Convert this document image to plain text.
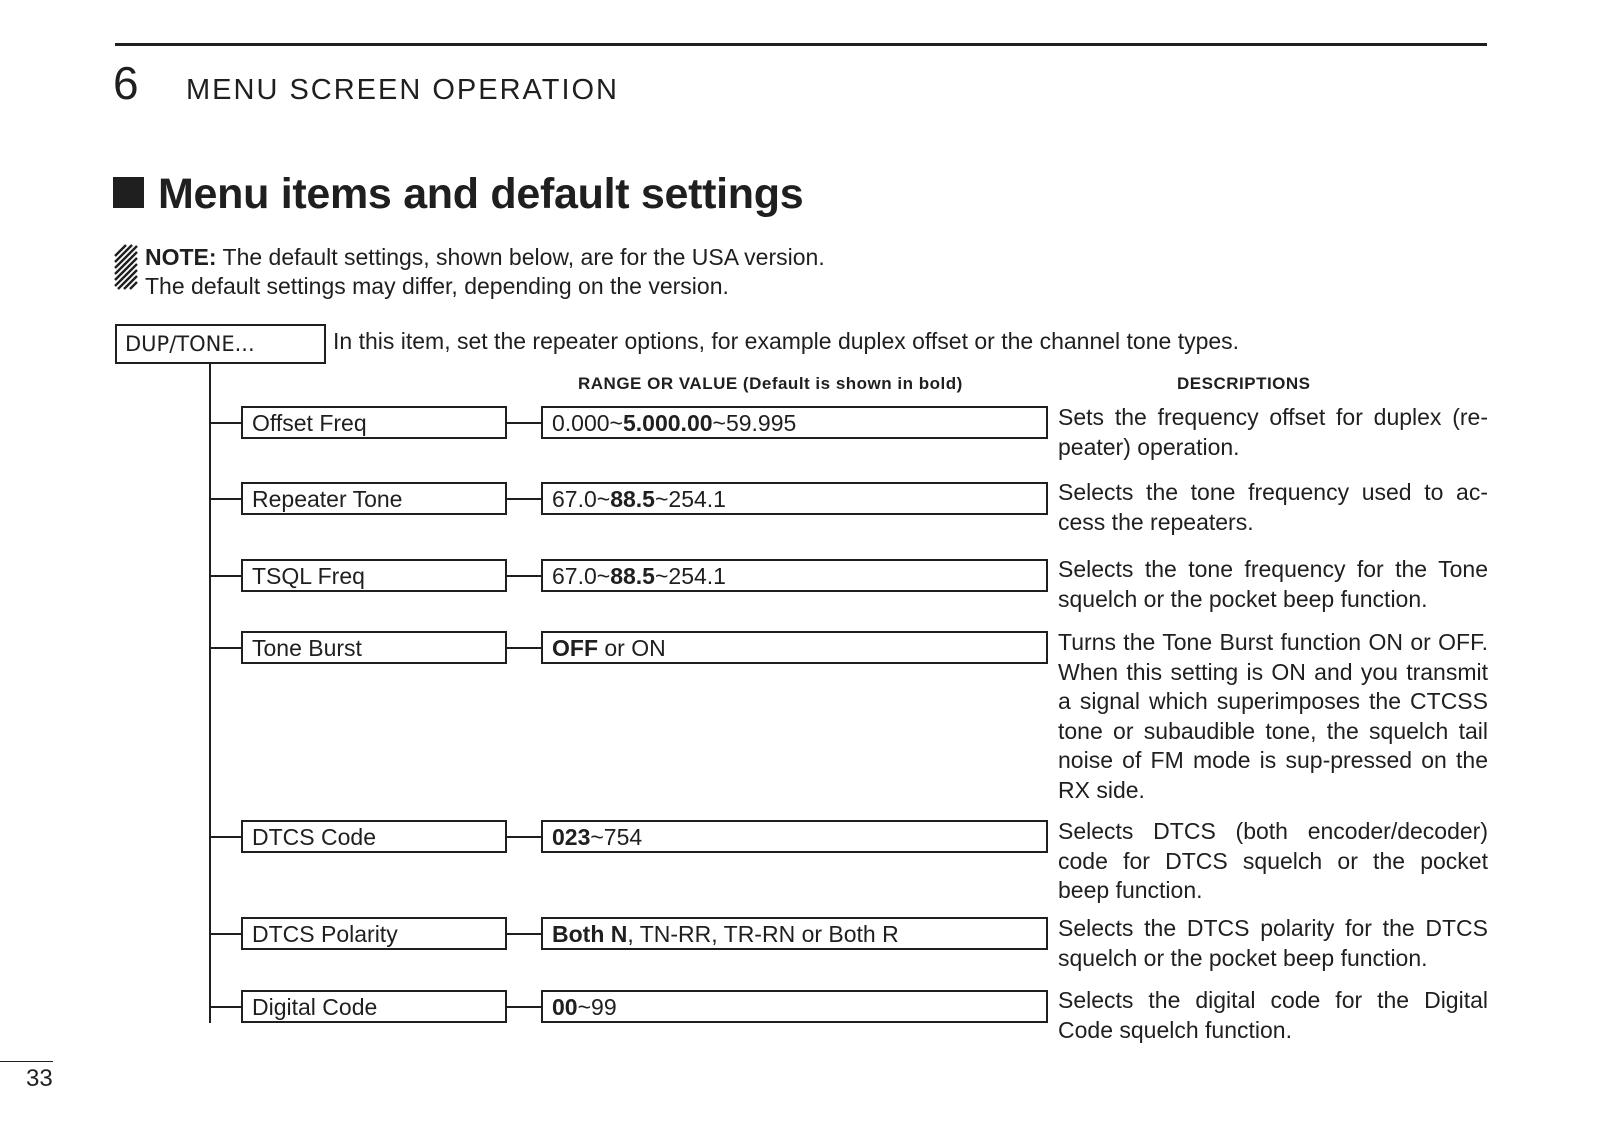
6 MENU SCREEN OPERATION
Menu items and default settings
NOTE: The default settings, shown below, are for the USA version.
The default settings may differ, depending on the version.
DUP/TONE...	In this item, set the repeater options, for example duplex offset or the channel tone types.
RANGE OR VALUE (Default is shown in bold)	DESCRIPTIONS
Offset Freq	0.000~5.000.00~59.995	Sets the frequency offset for duplex (re-peater) operation.
Repeater Tone	67.0~88.5~254.1	Selects the tone frequency used to ac-cess the repeaters.
TSQL Freq	67.0~88.5~254.1	Selects the tone frequency for the Tone squelch or the pocket beep function.
Tone Burst	OFF or ON	Turns the Tone Burst function ON or OFF. When this setting is ON and you transmit a signal which superimposes the CTCSS tone or subaudible tone, the squelch tail noise of FM mode is sup-pressed on the RX side.
DTCS Code	023~754	Selects DTCS (both encoder/decoder) code for DTCS squelch or the pocket beep function.
DTCS Polarity	Both N, TN-RR, TR-RN or Both R	Selects the DTCS polarity for the DTCS squelch or the pocket beep function.
Digital Code	00~99	Selects the digital code for the Digital Code squelch function.
33
